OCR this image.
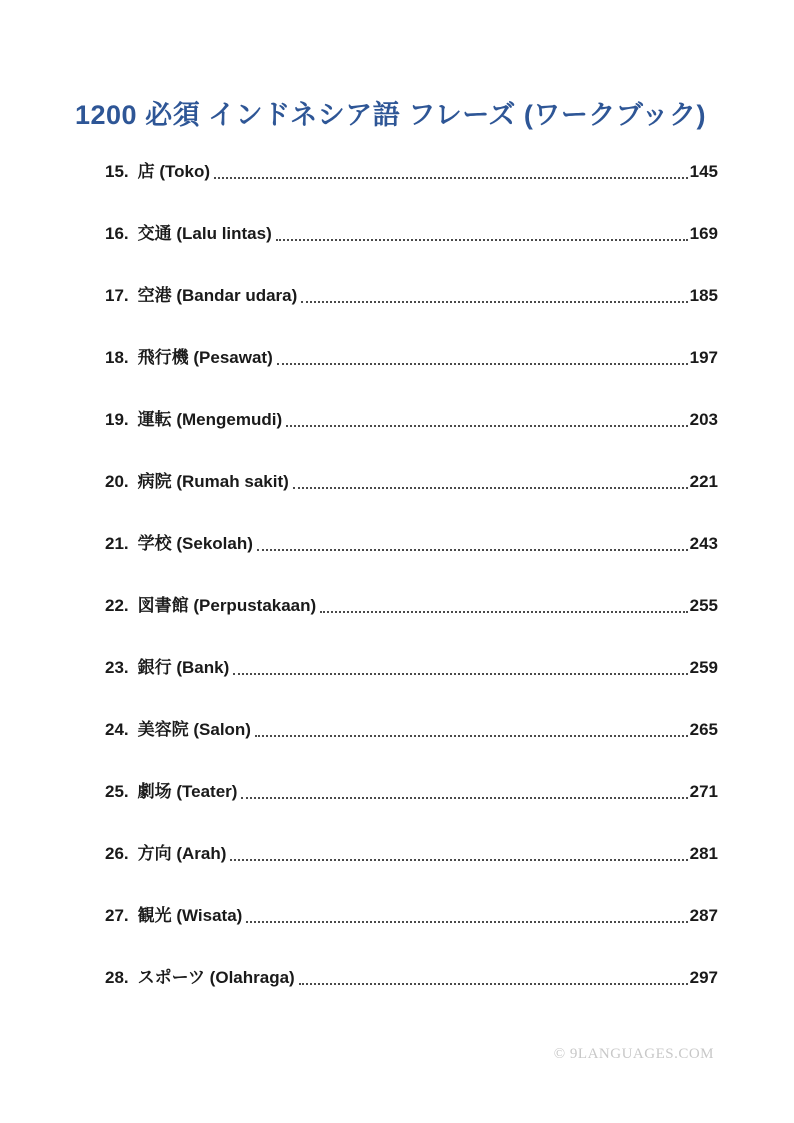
1200 必須 インドネシア語 フレーズ (ワークブック)
15. 店 (Toko)	145
16. 交通 (Lalu lintas)	169
17. 空港 (Bandar udara)	185
18. 飛行機 (Pesawat)	197
19. 運転 (Mengemudi)	203
20. 病院 (Rumah sakit)	221
21. 学校 (Sekolah)	243
22. 図書館 (Perpustakaan)	255
23. 銀行 (Bank)	259
24. 美容院 (Salon)	265
25. 劇场 (Teater)	271
26. 方向 (Arah)	281
27. 観光 (Wisata)	287
28. スポーツ (Olahraga)	297
© 9LANGUAGES.COM
